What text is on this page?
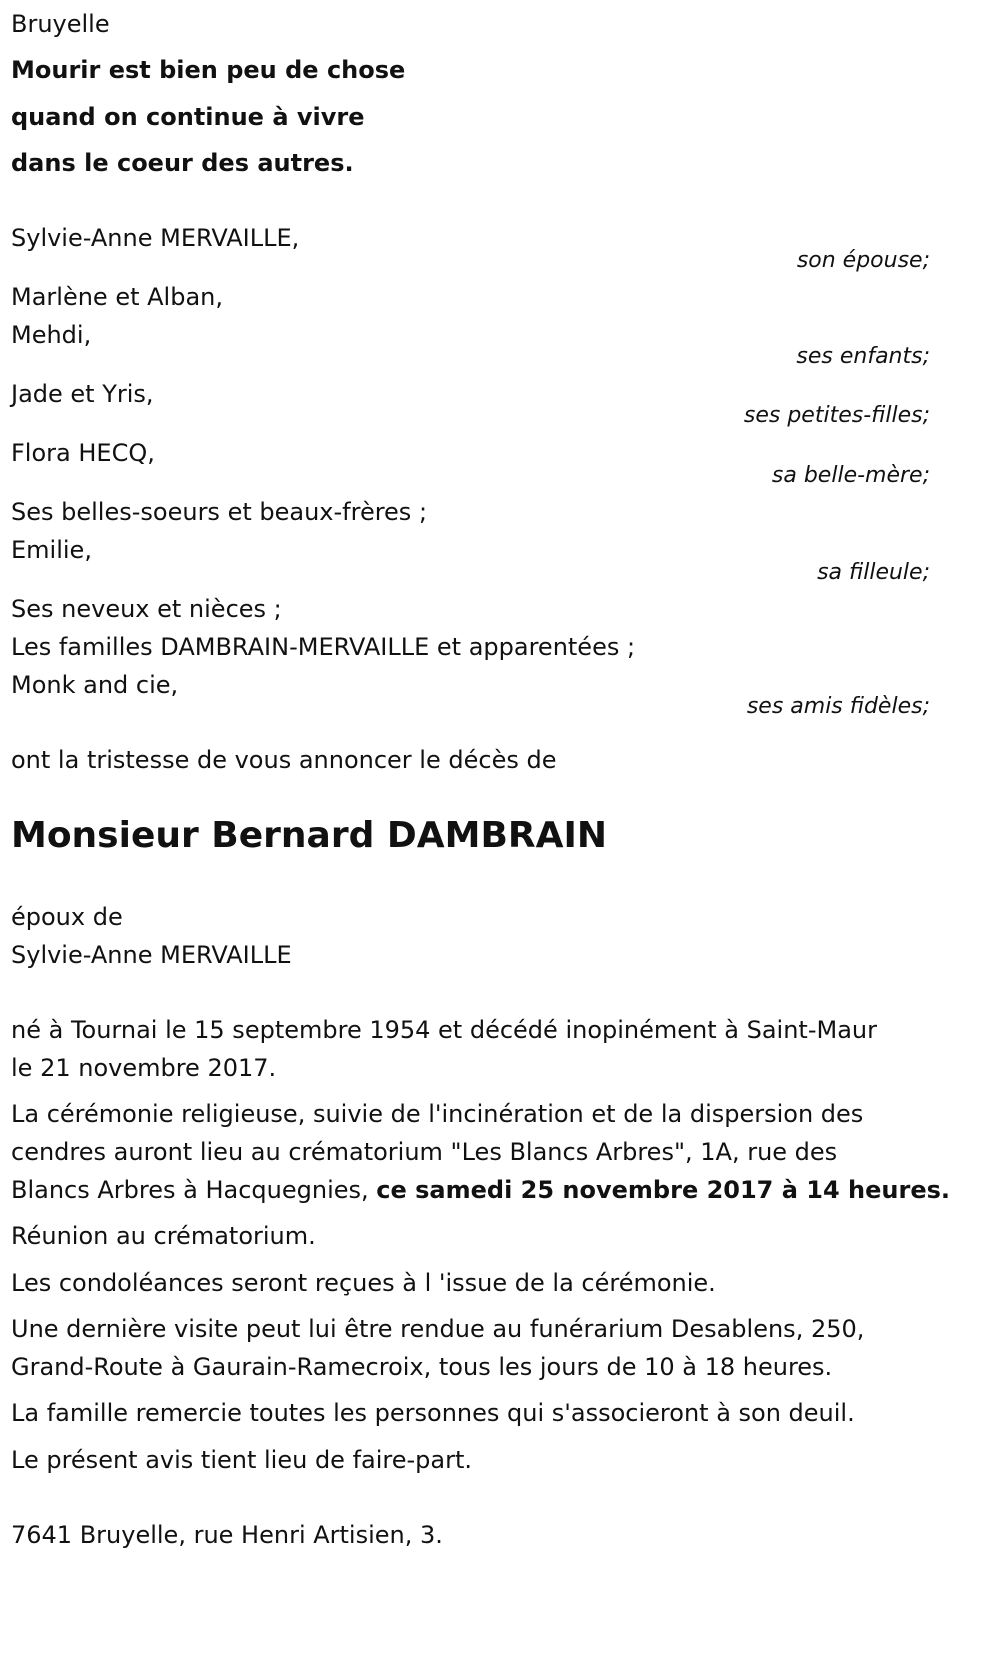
Bruyelle

Mourir est bien peu de chose

quand on continue à vivre

dans le coeur des autres.

Sylvie-Anne MERVAILLE,

son épouse;

Marlène et Alban,

Mehdi,

ses enfants;

Jade et Yris,

ses petites-filles;

Flora HECQ,

sa belle-mère;

Ses belles-soeurs et beaux-frères ;

Emilie,

sa filleule;

Ses neveux et nièces ;

Les familles DAMBRAIN-MERVAILLE et apparentées ;

Monk and cie,

ses amis fidèles;

ont la tristesse de vous annoncer le décès de

Monsieur Bernard DAMBRAIN

époux de

Sylvie-Anne MERVAILLE

né à Tournai le 15 septembre 1954 et décédé inopinément à Saint-Maur

le 21 novembre 2017.

La cérémonie religieuse, suivie de l'incinération et de la dispersion des

cendres auront lieu au crématorium "Les Blancs Arbres", 1A, rue des

Blancs Arbres à Hacquegnies, ce samedi 25 novembre 2017 à 14 heures.

Réunion au crématorium.

Les condoléances seront reçues à l 'issue de la cérémonie.

Une dernière visite peut lui être rendue au funérarium Desablens, 250,

Grand-Route à Gaurain-Ramecroix, tous les jours de 10 à 18 heures.

La famille remercie toutes les personnes qui s'associeront à son deuil.

Le présent avis tient lieu de faire-part.

7641 Bruyelle, rue Henri Artisien, 3.
